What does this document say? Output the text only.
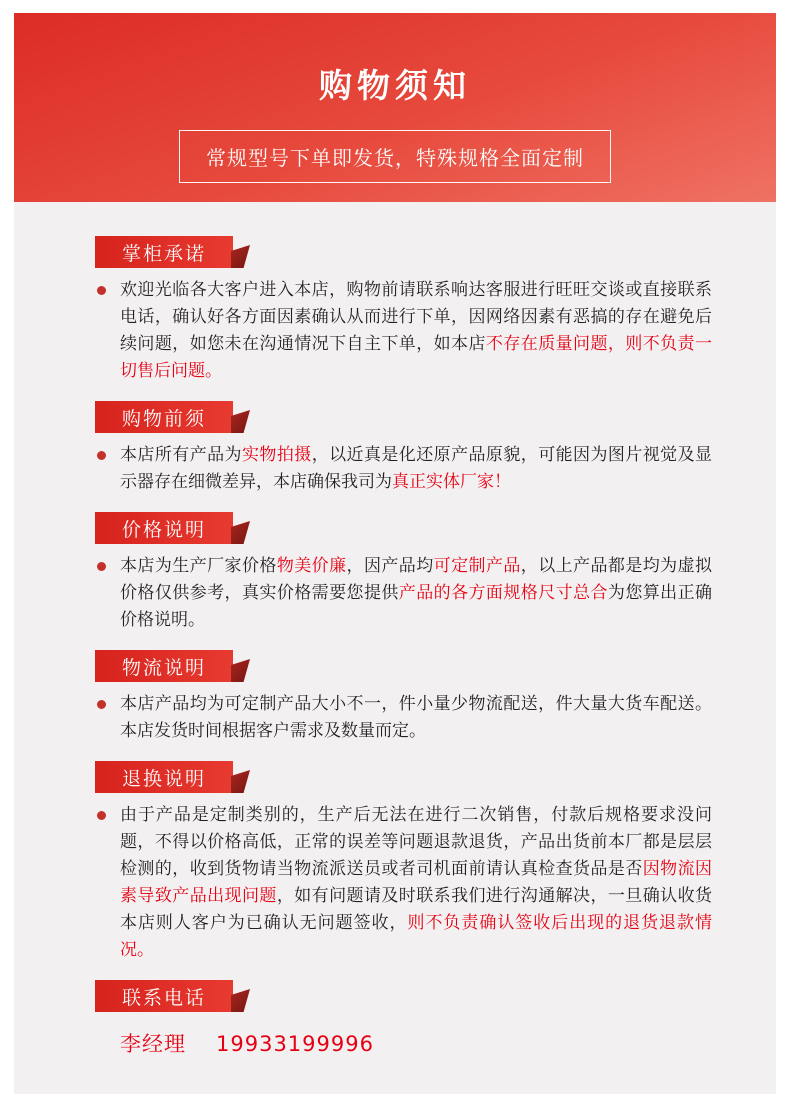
购物须知
常规型号下单即发货，特殊规格全面定制
掌柜承诺
欢迎光临各大客户进入本店，购物前请联系响达客服进行旺旺交谈或直接联系电话，确认好各方面因素确认从而进行下单，因网络因素有恶搞的存在避免后续问题，如您未在沟通情况下自主下单，如本店不存在质量问题，则不负责一切售后问题。
购物前须
本店所有产品为实物拍摄，以近真是化还原产品原貌，可能因为图片视觉及显示器存在细微差异，本店确保我司为真正实体厂家！
价格说明
本店为生产厂家价格物美价廉，因产品均可定制产品，以上产品都是均为虚拟价格仅供参考，真实价格需要您提供产品的各方面规格尺寸总合为您算出正确价格说明。
物流说明
本店产品均为可定制产品大小不一，件小量少物流配送，件大量大货车配送。本店发货时间根据客户需求及数量而定。
退换说明
由于产品是定制类别的，生产后无法在进行二次销售，付款后规格要求没问题，不得以价格高低，正常的误差等问题退款退货，产品出货前本厂都是层层检测的，收到货物请当物流派送员或者司机面前请认真检查货品是否因物流因素导致产品出现问题，如有问题请及时联系我们进行沟通解决，一旦确认收货本店则人客户为已确认无问题签收，则不负责确认签收后出现的退货退款情况。
联系电话
李经理 19933199996
